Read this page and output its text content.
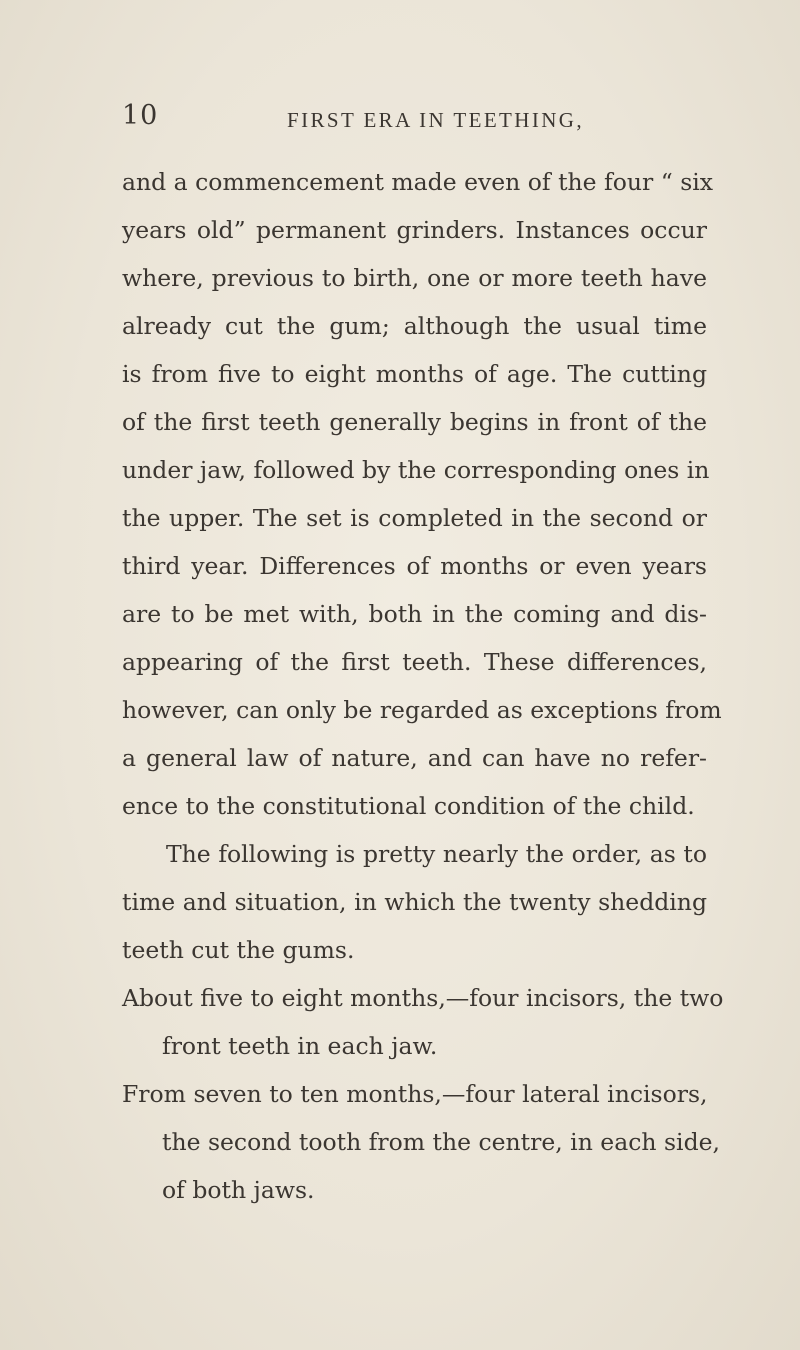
10	FIRST ERA IN TEETHING,
and a commencement made even of the four “ six
years old” permanent grinders. Instances occur
where, previous to birth, one or more teeth have
already cut the gum; although the usual time
is from five to eight months of age. The cutting
of the first teeth generally begins in front of the
under jaw, followed by the corresponding ones in
the upper. The set is completed in the second or
third year. Differences of months or even years
are to be met with, both in the coming and dis-
appearing of the first teeth. These differences,
however, can only be regarded as exceptions from
a general law of nature, and can have no refer-
ence to the constitutional condition of the child.
The following is pretty nearly the order, as to
time and situation, in which the twenty shedding
teeth cut the gums.
About five to eight months,—four incisors, the two
front teeth in each jaw.
From seven to ten months,—four lateral incisors,
the second tooth from the centre, in each side,
of both jaws.
